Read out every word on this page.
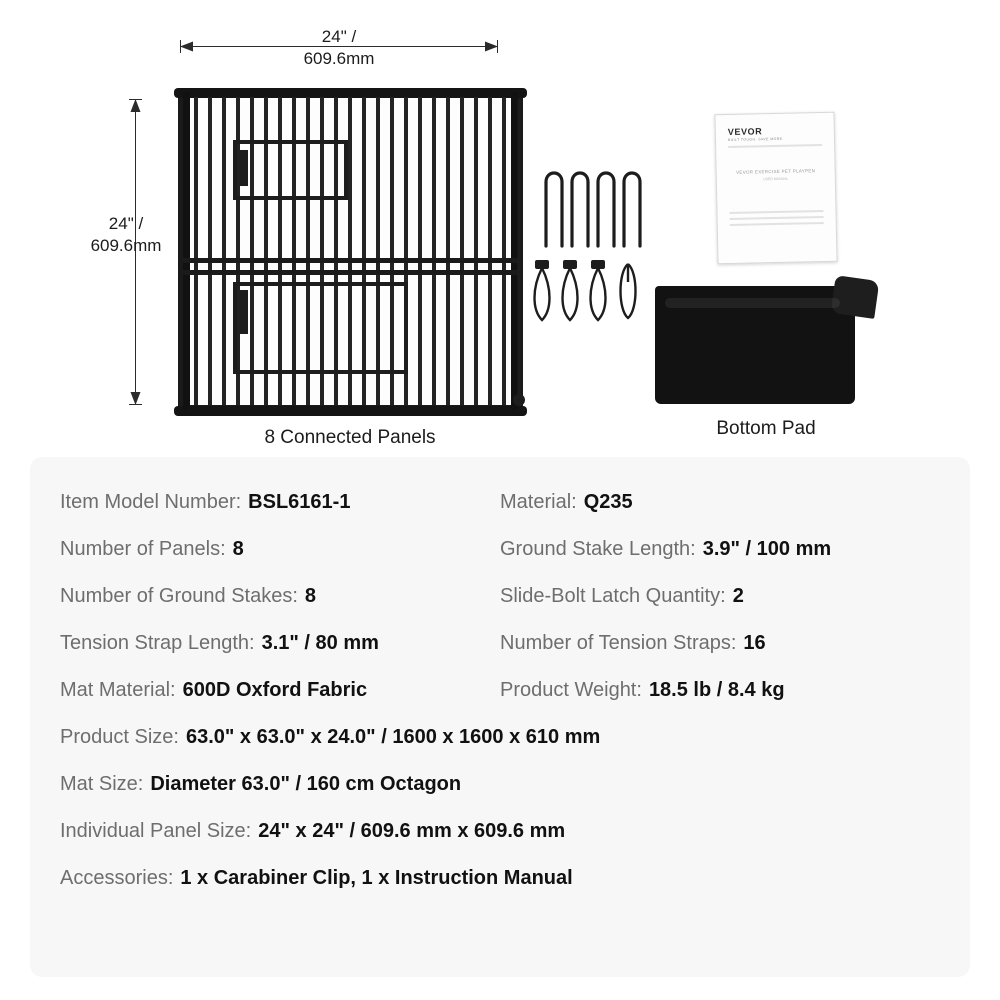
24" /
609.6mm
24" /
609.6mm
8 Connected Panels
VEVOR
BUILT TOUGH. SAVE MORE.
VEVOR EXERCISE PET PLAYPEN
USER MANUAL
Bottom Pad
Item Model Number: BSL6161-1	Material: Q235
Number of Panels: 8	Ground Stake Length: 3.9" / 100 mm
Number of Ground Stakes: 8	Slide-Bolt Latch Quantity: 2
Tension Strap Length: 3.1" / 80 mm	Number of Tension Straps: 16
Mat Material: 600D Oxford Fabric	Product Weight: 18.5 lb / 8.4 kg
Product Size: 63.0" x 63.0" x 24.0" / 1600 x 1600 x 610 mm
Mat Size: Diameter 63.0" / 160 cm Octagon
Individual Panel Size: 24" x 24" / 609.6 mm x 609.6 mm
Accessories: 1 x Carabiner Clip, 1 x Instruction Manual
